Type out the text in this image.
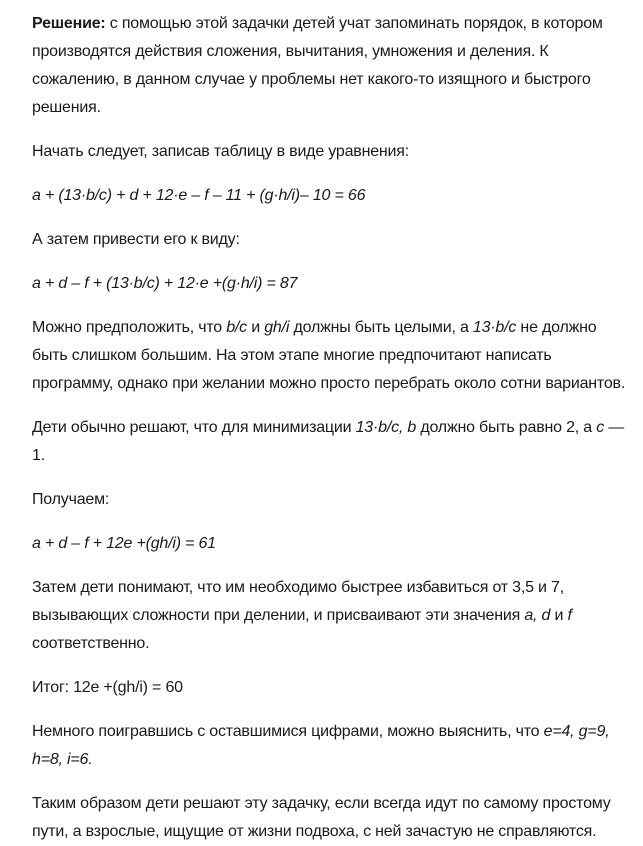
Решение: с помощью этой задачки детей учат запоминать порядок, в котором производятся действия сложения, вычитания, умножения и деления. К сожалению, в данном случае у проблемы нет какого-то изящного и быстрого решения.

Начать следует, записав таблицу в виде уравнения:

a + (13·b/c) + d + 12·e – f – 11 + (g·h/i)– 10 = 66

А затем привести его к виду:

a + d – f + (13·b/c) + 12·e +(g·h/i) = 87

Можно предположить, что b/c и gh/i должны быть целыми, а 13·b/c не должно быть слишком большим. На этом этапе многие предпочитают написать программу, однако при желании можно просто перебрать около сотни вариантов.

Дети обычно решают, что для минимизации 13·b/c, b должно быть равно 2, а c — 1.

Получаем:

a + d – f + 12e +(gh/i) = 61

Затем дети понимают, что им необходимо быстрее избавиться от 3,5 и 7, вызывающих сложности при делении, и присваивают эти значения a, d и f соответственно.

Итог: 12e +(gh/i) = 60

Немного поигравшись с оставшимися цифрами, можно выяснить, что e=4, g=9, h=8, i=6.

Таким образом дети решают эту задачку, если всегда идут по самому простому пути, а взрослые, ищущие от жизни подвоха, с ней зачастую не справляются.
